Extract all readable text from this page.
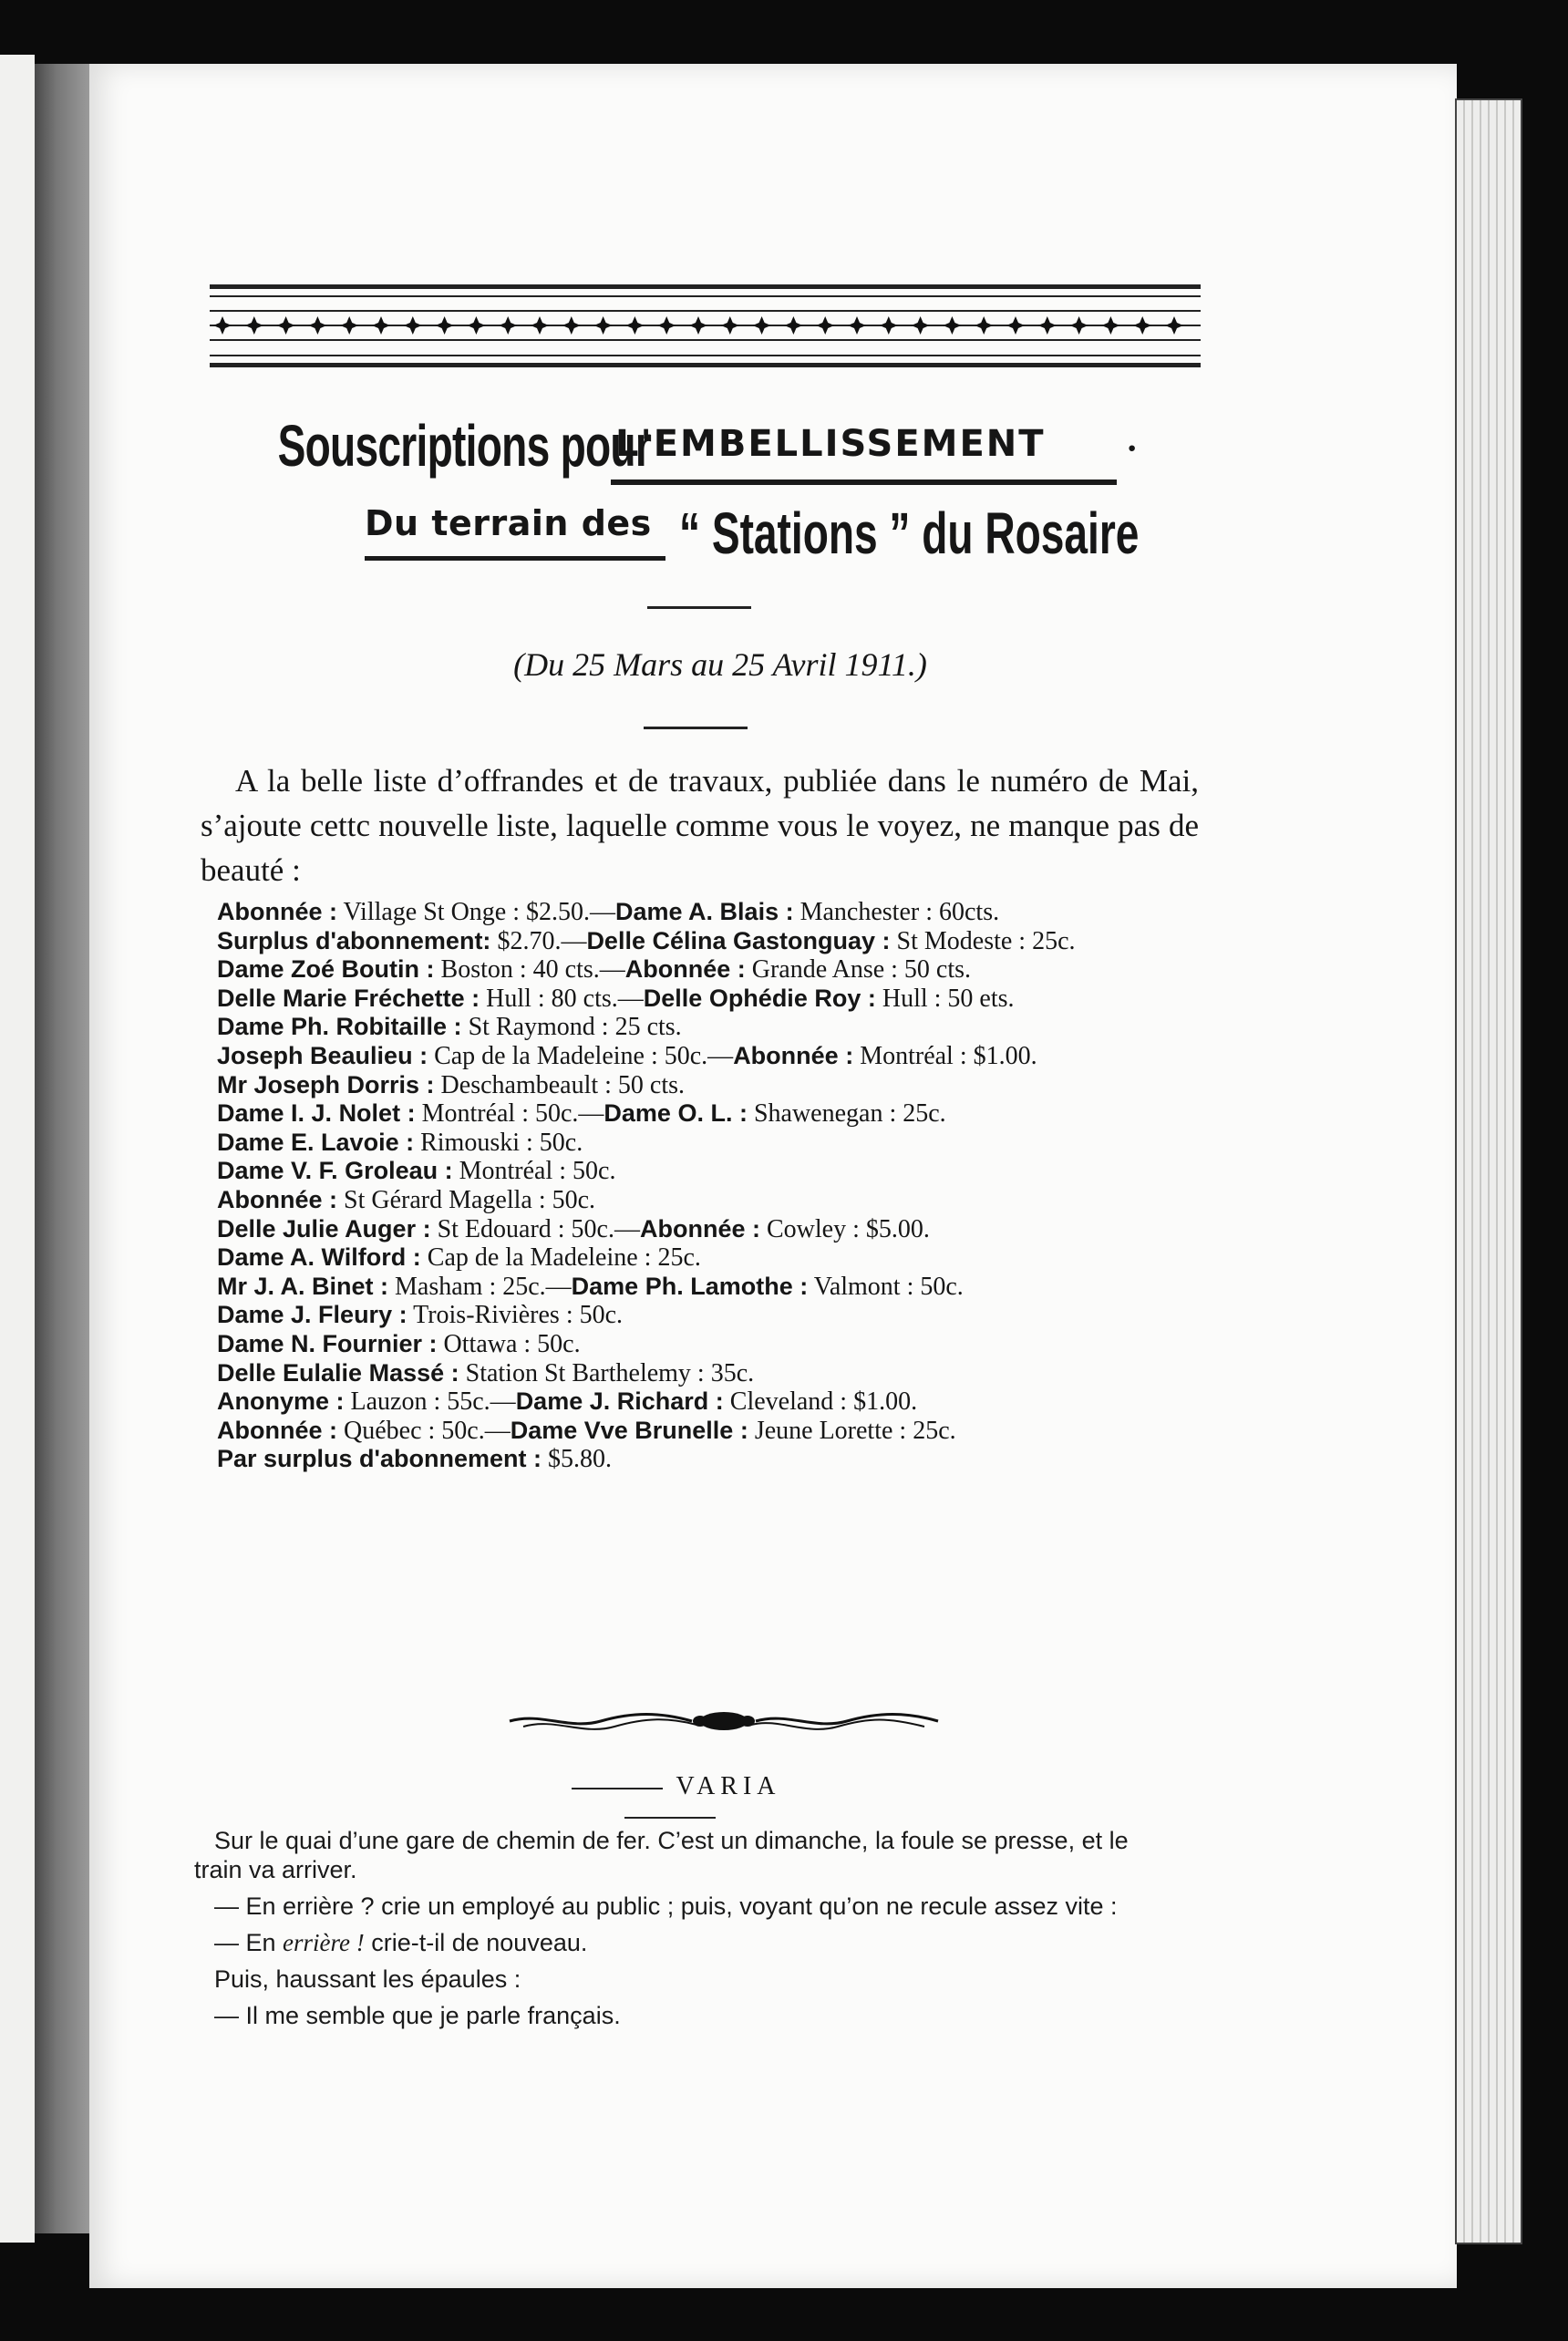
Souscriptions pour
L'EMBELLISSEMENT ·
Du terrain des “ Stations ” du Rosaire
(Du 25 Mars au 25 Avril 1911.)

A la belle liste d’offrandes et de travaux, publiée dans le numéro de Mai, s’ajoute cettc nouvelle liste, laquelle comme vous le voyez, ne manque pas de beauté :

Abonnée : Village St Onge : $2.50.—Dame A. Blais : Manchester : 60cts.
Surplus d'abonnement: $2.70.—Delle Célina Gastonguay : St Modeste : 25c.
Dame Zoé Boutin : Boston : 40 cts.—Abonnée : Grande Anse : 50 cts.
Delle Marie Fréchette : Hull : 80 cts.—Delle Ophédie Roy : Hull : 50 ets.
Dame Ph. Robitaille : St Raymond : 25 cts.
Joseph Beaulieu : Cap de la Madeleine : 50c.—Abonnée : Montréal : $1.00.
Mr Joseph Dorris : Deschambeault : 50 cts.
Dame I. J. Nolet : Montréal : 50c.—Dame O. L. : Shawenegan : 25c.
Dame E. Lavoie : Rimouski : 50c.
Dame V. F. Groleau : Montréal : 50c.
Abonnée : St Gérard Magella : 50c.
Delle Julie Auger : St Edouard : 50c.—Abonnée : Cowley : $5.00.
Dame A. Wilford : Cap de la Madeleine : 25c.
Mr J. A. Binet : Masham : 25c.—Dame Ph. Lamothe : Valmont : 50c.
Dame J. Fleury : Trois-Rivières : 50c.
Dame N. Fournier : Ottawa : 50c.
Delle Eulalie Massé : Station St Barthelemy : 35c.
Anonyme : Lauzon : 55c.—Dame J. Richard : Cleveland : $1.00.
Abonnée : Québec : 50c.—Dame Vve Brunelle : Jeune Lorette : 25c.
Par surplus d'abonnement : $5.80.
VARIA

Sur le quai d’une gare de chemin de fer. C’est un dimanche, la foule se presse, et le train va arriver.

— En errière ? crie un employé au public ; puis, voyant qu’on ne recule assez vite :

— En errière ! crie-t-il de nouveau.

Puis, haussant les épaules :

— Il me semble que je parle français.
